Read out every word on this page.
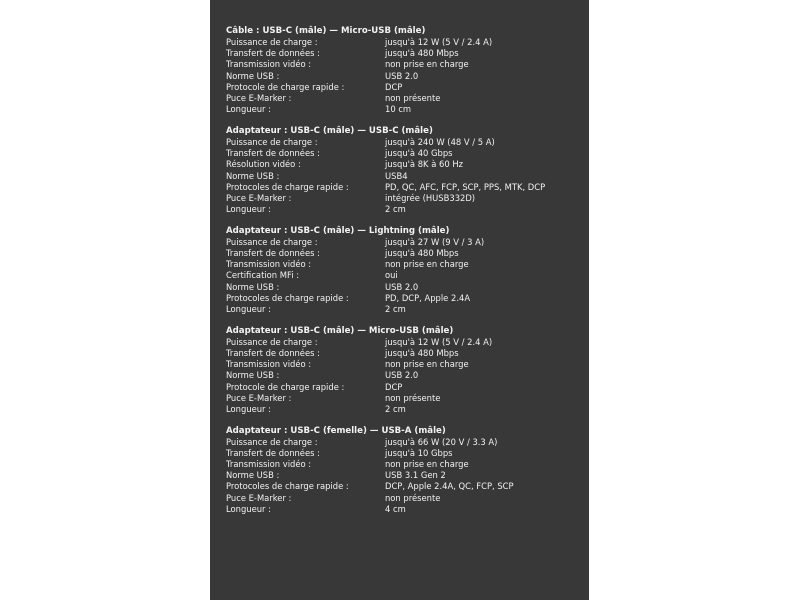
Câble : USB-C (mâle) — Micro-USB (mâle)
Puissance de charge :	jusqu'à 12 W (5 V / 2.4 A)
Transfert de données :	jusqu'à 480 Mbps
Transmission vidéo :	non prise en charge
Norme USB :	USB 2.0
Protocole de charge rapide :	DCP
Puce E-Marker :	non présente
Longueur :	10 cm
Adaptateur : USB-C (mâle) — USB-C (mâle)
Puissance de charge :	jusqu'à 240 W (48 V / 5 A)
Transfert de données :	jusqu'à 40 Gbps
Résolution vidéo :	jusqu'à 8K à 60 Hz
Norme USB :	USB4
Protocoles de charge rapide :	PD, QC, AFC, FCP, SCP, PPS, MTK, DCP
Puce E-Marker :	intégrée (HUSB332D)
Longueur :	2 cm
Adaptateur : USB-C (mâle) — Lightning (mâle)
Puissance de charge :	jusqu'à 27 W (9 V / 3 A)
Transfert de données :	jusqu'à 480 Mbps
Transmission vidéo :	non prise en charge
Certification MFi :	oui
Norme USB :	USB 2.0
Protocoles de charge rapide :	PD, DCP, Apple 2.4A
Longueur :	2 cm
Adaptateur : USB-C (mâle) — Micro-USB (mâle)
Puissance de charge :	jusqu'à 12 W (5 V / 2.4 A)
Transfert de données :	jusqu'à 480 Mbps
Transmission vidéo :	non prise en charge
Norme USB :	USB 2.0
Protocole de charge rapide :	DCP
Puce E-Marker :	non présente
Longueur :	2 cm
Adaptateur : USB-C (femelle) — USB-A (mâle)
Puissance de charge :	jusqu'à 66 W (20 V / 3.3 A)
Transfert de données :	jusqu'à 10 Gbps
Transmission vidéo :	non prise en charge
Norme USB :	USB 3.1 Gen 2
Protocoles de charge rapide :	DCP, Apple 2.4A, QC, FCP, SCP
Puce E-Marker :	non présente
Longueur :	4 cm
